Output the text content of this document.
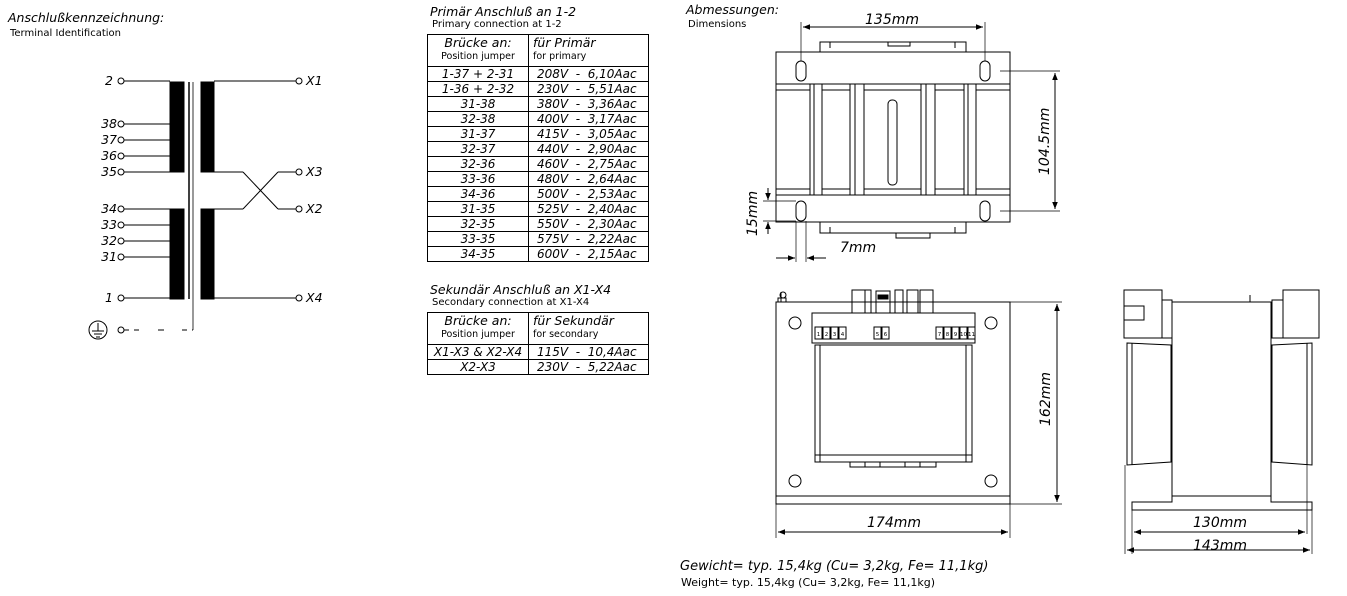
Anschlußkennzeichnung:
Terminal Identification
2
38
37
36
35
34
33
32
31
1
X1
X3
X2
X4
1 2 3 4	5 6	7 8 9 10 11
135mm
104.5mm
15mm
7mm
162mm
174mm	130mm
143mm
Primär Anschluß an 1-2
Primary connection at 1-2
Brücke an:
Position jumper	für Primär
for primary

1-37 + 2-31	208V  -  6,10Aac
1-36 + 2-32	230V  -  5,51Aac
31-38	380V  -  3,36Aac
32-38	400V  -  3,17Aac
31-37	415V  -  3,05Aac
32-37	440V  -  2,90Aac
32-36	460V  -  2,75Aac
33-36	480V  -  2,64Aac
34-36	500V  -  2,53Aac
31-35	525V  -  2,40Aac
32-35	550V  -  2,30Aac
33-35	575V  -  2,22Aac
34-35	600V  -  2,15Aac
Sekundär Anschluß an X1-X4
Secondary connection at X1-X4
Brücke an:
Position jumper	für Sekundär
for secondary

X1-X3 & X2-X4	115V  -  10,4Aac
X2-X3	230V  -  5,22Aac
Abmessungen:
Dimensions
Gewicht= typ. 15,4kg (Cu= 3,2kg, Fe= 11,1kg)
Weight= typ. 15,4kg (Cu= 3,2kg, Fe= 11,1kg)
